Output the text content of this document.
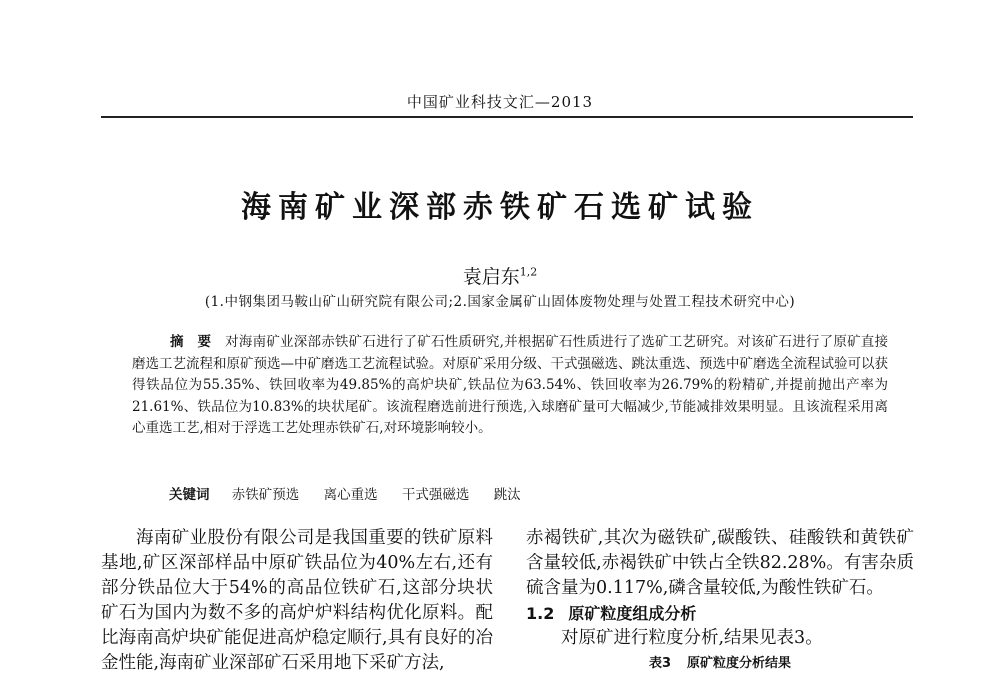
中国矿业科技文汇—2013
海南矿业深部赤铁矿石选矿试验
袁启东$^{1,2}$
(1.中钢集团马鞍山矿山研究院有限公司;2.国家金属矿山固体废物处理与处置工程技术研究中心)
摘　要 对海南矿业深部赤铁矿石进行了矿石性质研究,并根据矿石性质进行了选矿工艺研究。对该矿石进行了原矿直接磨选工艺流程和原矿预选—中矿磨选工艺流程试验。对原矿采用分级、干式强磁选、跳汰重选、预选中矿磨选全流程试验可以获得铁品位为55.35%、铁回收率为49.85%的高炉块矿,铁品位为63.54%、铁回收率为26.79%的粉精矿,并提前抛出产率为21.61%、铁品位为10.83%的块状尾矿。该流程磨选前进行预选,入球磨矿量可大幅减少,节能减排效果明显。且该流程采用离心重选工艺,相对于浮选工艺处理赤铁矿石,对环境影响较小。
关键词 赤铁矿预选 离心重选 干式强磁选 跳汰
海南矿业股份有限公司是我国重要的铁矿原料基地,矿区深部样品中原矿铁品位为40%左右,还有部分铁品位大于54%的高品位铁矿石,这部分块状矿石为国内为数不多的高炉炉料结构优化原料。配比海南高炉块矿能促进高炉稳定顺行,具有良好的冶金性能,海南矿业深部矿石采用地下采矿方法,
赤褐铁矿,其次为磁铁矿,碳酸铁、硅酸铁和黄铁矿含量较低,赤褐铁矿中铁占全铁82.28%。有害杂质硫含量为0.117%,磷含量较低,为酸性铁矿石。
1.2 原矿粒度组成分析
对原矿进行粒度分析,结果见表3。
表3 原矿粒度分析结果
